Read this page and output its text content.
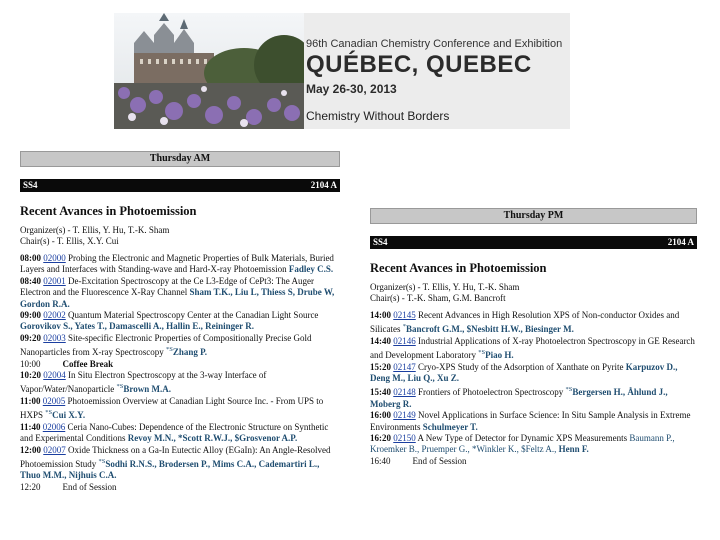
96th Canadian Chemistry Conference and Exhibition
QUÉBEC, QUEBEC
May 26-30, 2013
Chemistry Without Borders
Thursday AM
SS4	2104 A
Recent Avances in Photoemission
Organizer(s) - T. Ellis, Y. Hu, T.-K. Sham
Chair(s) - T. Ellis, X.Y. Cui

08:00 02000 Probing the Electronic and Magnetic Properties of Bulk Materials, Buried Layers and Interfaces with Standing-wave and Hard-X-ray Photoemission Fadley C.S.

08:40 02001 De-Excitation Spectroscopy at the Ce L3-Edge of CePt3: The Auger Electron and the Fluorescence X-Ray Channel Sham T.K., Liu L, Thiess S, Drube W, Gordon R.A.

09:00 02002 Quantum Material Spectroscopy Center at the Canadian Light Source Gorovikov S., Yates T., Damascelli A., Hallin E., Reininger R.

09:20 02003 Site-specific Electronic Properties of Compositionally Precise Gold Nanoparticles from X-ray Spectroscopy $^{*S}$Zhang P.

10:00 Coffee Break

10:20 02004 In Situ Electron Spectroscopy at the 3-way Interface of Vapor/Water/Nanoparticle $^{*S}$Brown M.A.

11:00 02005 Photoemission Overview at Canadian Light Source Inc. - From UPS to HXPS $^{*S}$Cui X.Y.

11:40 02006 Ceria Nano-Cubes: Dependence of the Electronic Structure on Synthetic and Experimental Conditions Revoy M.N., *Scott R.W.J., $Grosvenor A.P.

12:00 02007 Oxide Thickness on a Ga-In Eutectic Alloy (EGaIn): An Angle-Resolved Photoemission Study $^{*S}$Sodhi R.N.S., Brodersen P., Mims C.A., Cademartiri L., Thuo M.M., Nijhuis C.A.

12:20 End of Session

Thursday PM
SS4	2104 A
Recent Avances in Photoemission
Organizer(s) - T. Ellis, Y. Hu, T.-K. Sham
Chair(s) - T.-K. Sham, G.M. Bancroft

14:00 02145 Recent Advances in High Resolution XPS of Non-conductor Oxides and Silicates *Bancroft G.M., $Nesbitt H.W., Biesinger M.

14:40 02146 Industrial Applications of X-ray Photoelectron Spectroscopy in GE Research and Development Laboratory $^{*S}$Piao H.

15:20 02147 Cryo-XPS Study of the Adsorption of Xanthate on Pyrite Karpuzov D., Deng M., Liu Q., Xu Z.

15:40 02148 Frontiers of Photoelectron Spectroscopy $^{*S}$Bergersen H., Åhlund J., Moberg R.

16:00 02149 Novel Applications in Surface Science: In Situ Sample Analysis in Extreme Environments Schulmeyer T.

16:20 02150 A New Type of Detector for Dynamic XPS Measurements Baumann P., Kroemker B., Pruemper G., *Winkler K., $Feltz A., Henn F.

16:40 End of Session
